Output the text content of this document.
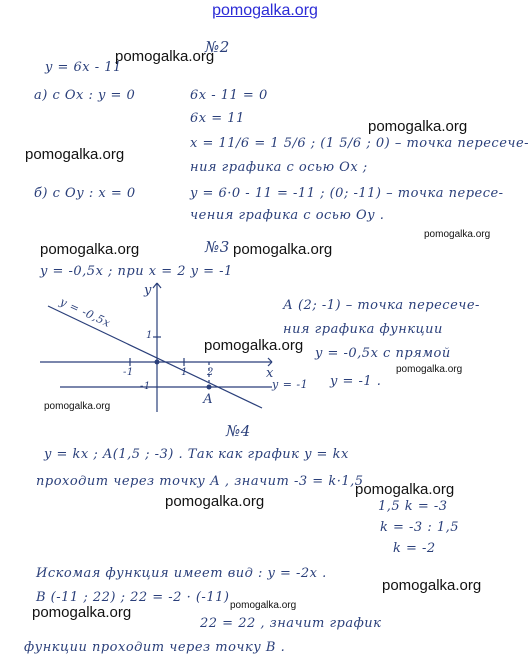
pomogalka.org
№2
y = 6x - 11
а) с Ох : y = 0	6x - 11 = 0
6x = 11
x = 11/6 = 1 5/6 ; (1 5/6 ; 0) – точка пересече-
ния графика с осью Ох ;
б) с Оу : х = 0	y = 6·0 - 11 = -11 ; (0; -11) – точка пересе-
чения графика с осью Оу .
№3
y = -0,5x ; при х = 2 y = -1
А (2; -1) – точка пересече-
ния графика функции
y = -0,5x с прямой
y = -1 .
y = -0,5x
y = -1
y
x
А
-1	1 2
-1
1
№4
y = kx ; A(1,5 ; -3) . Так как график y = kx
проходит через точку А , значит -3 = k·1,5
1,5 k = -3
k = -3 : 1,5
k = -2
Искомая функция имеет вид : y = -2x .
B (-11 ; 22) ; 22 = -2 · (-11)
22 = 22 , значит график
функции проходит через точку В .
pomogalka.org
pomogalka.org
pomogalka.org
pomogalka.org
pomogalka.org	pomogalka.org
pomogalka.org
pomogalka.org
pomogalka.org
pomogalka.org
pomogalka.org
pomogalka.org
pomogalka.org
pomogalka.org
